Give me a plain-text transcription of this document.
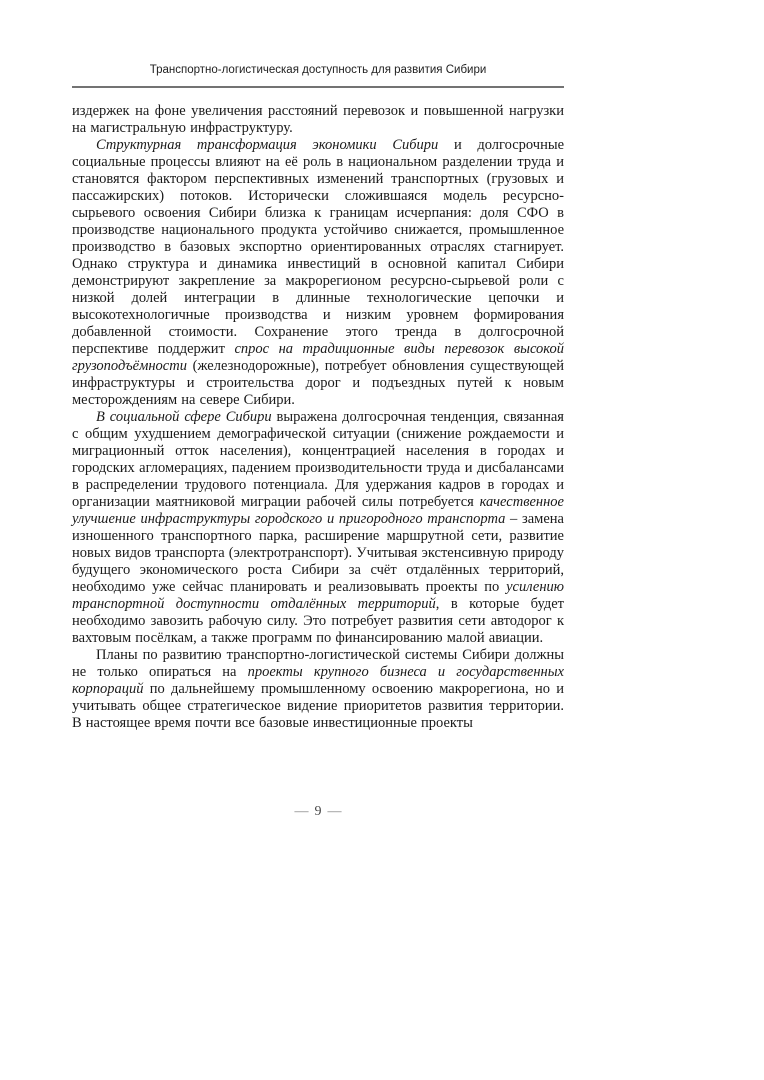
Транспортно-логистическая доступность для развития Сибири

издержек на фоне увеличения расстояний перевозок и повышенной нагрузки на магистральную инфраструктуру.

Структурная трансформация экономики Сибири и долгосрочные социальные процессы влияют на её роль в национальном разделении труда и становятся фактором перспективных изменений транспортных (грузовых и пассажирских) потоков. Исторически сложившаяся модель ресурсно-сырьевого освоения Сибири близка к границам исчерпания: доля СФО в производстве национального продукта устойчиво снижается, промышленное производство в базовых экспортно ориентированных отраслях стагнирует. Однако структура и динамика инвестиций в основной капитал Сибири демонстрируют закрепление за макрорегионом ресурсно-сырьевой роли с низкой долей интеграции в длинные технологические цепочки и высокотехнологичные производства и низким уровнем формирования добавленной стоимости. Сохранение этого тренда в долгосрочной перспективе поддержит спрос на традиционные виды перевозок высокой грузоподъёмности (железнодорожные), потребует обновления существующей инфраструктуры и строительства дорог и подъездных путей к новым месторождениям на севере Сибири.

В социальной сфере Сибири выражена долгосрочная тенденция, связанная с общим ухудшением демографической ситуации (снижение рождаемости и миграционный отток населения), концентрацией населения в городах и городских агломерациях, падением производительности труда и дисбалансами в распределении трудового потенциала. Для удержания кадров в городах и организации маятниковой миграции рабочей силы потребуется качественное улучшение инфраструктуры городского и пригородного транспорта – замена изношенного транспортного парка, расширение маршрутной сети, развитие новых видов транспорта (электротранспорт). Учитывая экстенсивную природу будущего экономического роста Сибири за счёт отдалённых территорий, необходимо уже сейчас планировать и реализовывать проекты по усилению транспортной доступности отдалённых территорий, в которые будет необходимо завозить рабочую силу. Это потребует развития сети автодорог к вахтовым посёлкам, а также программ по финансированию малой авиации.

Планы по развитию транспортно-логистической системы Сибири должны не только опираться на проекты крупного бизнеса и государственных корпораций по дальнейшему промышленному освоению макрорегиона, но и учитывать общее стратегическое видение приоритетов развития территории. В настоящее время почти все базовые инвестиционные проекты

— 9 —
